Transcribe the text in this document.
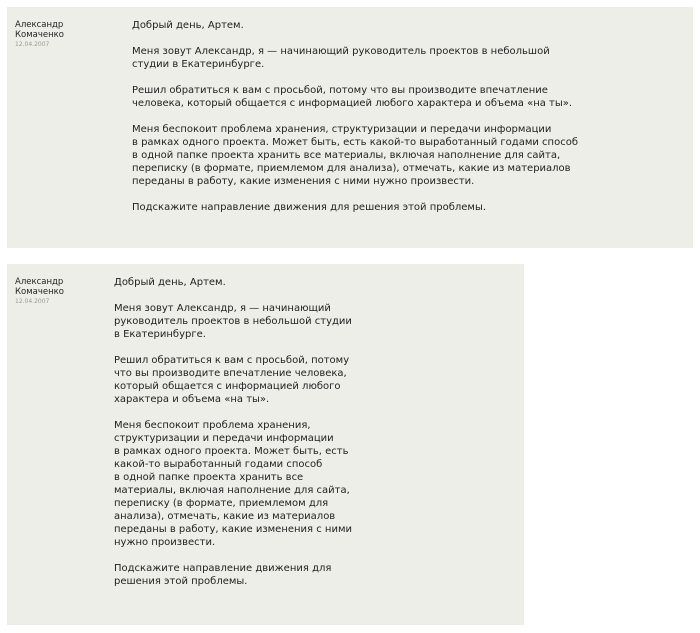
Александр
Комаченко
12.04.2007

Добрый день, Артем.

Меня зовут Александр, я — начинающий руководитель проектов в небольшой
студии в Екатеринбурге.

Решил обратиться к вам с просьбой, потому что вы производите впечатление
человека, который общается с информацией любого характера и объема «на ты».

Меня беспокоит проблема хранения, структуризации и передачи информации
в рамках одного проекта. Может быть, есть какой-то выработанный годами способ
в одной папке проекта хранить все материалы, включая наполнение для сайта,
переписку (в формате, приемлемом для анализа), отмечать, какие из материалов
переданы в работу, какие изменения с ними нужно произвести.

Подскажите направление движения для решения этой проблемы.

Александр
Комаченко
12.04.2007

Добрый день, Артем.

Меня зовут Александр, я — начинающий
руководитель проектов в небольшой студии
в Екатеринбурге.

Решил обратиться к вам с просьбой, потому
что вы производите впечатление человека,
который общается с информацией любого
характера и объема «на ты».

Меня беспокоит проблема хранения,
структуризации и передачи информации
в рамках одного проекта. Может быть, есть
какой-то выработанный годами способ
в одной папке проекта хранить все
материалы, включая наполнение для сайта,
переписку (в формате, приемлемом для
анализа), отмечать, какие из материалов
переданы в работу, какие изменения с ними
нужно произвести.

Подскажите направление движения для
решения этой проблемы.
